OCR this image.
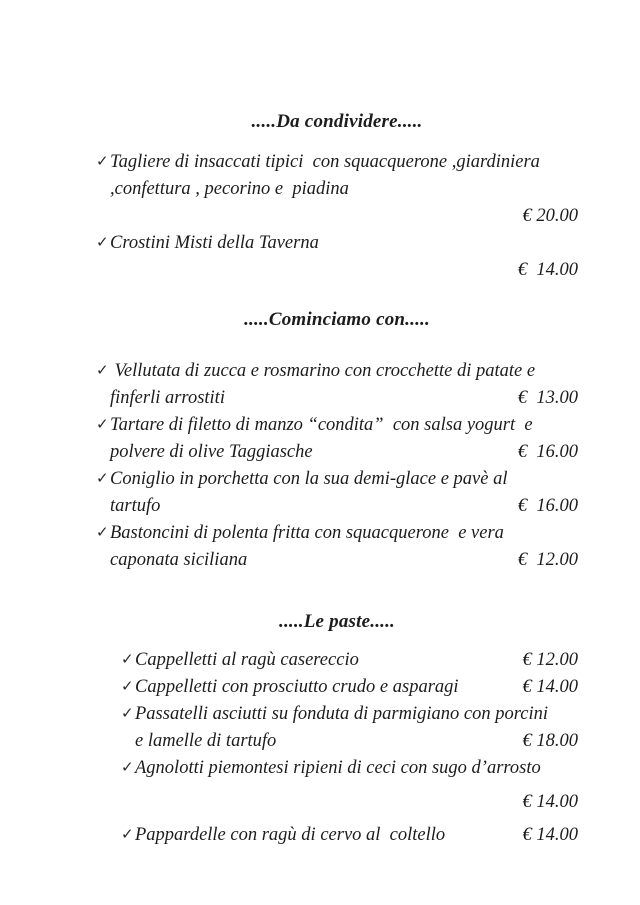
.....Da condividere.....
✓ Tagliere di insaccati tipici  con squacquerone ,giardiniera
,confettura , pecorino e  piadina
€ 20.00
✓ Crostini Misti della Taverna
€  14.00
.....Cominciamo con.....
✓ Vellutata di zucca e rosmarino con crocchette di patate e
finferli arrostiti	€  13.00
✓ Tartare di filetto di manzo “condita”  con salsa yogurt  e
polvere di olive Taggiasche	€  16.00
✓ Coniglio in porchetta con la sua demi-glace e pavè al
tartufo	€  16.00
✓ Bastoncini di polenta fritta con squacquerone  e vera
caponata siciliana	€  12.00
.....Le paste.....
✓ Cappelletti al ragù casereccio	€ 12.00
✓ Cappelletti con prosciutto crudo e asparagi	€ 14.00
✓ Passatelli asciutti su fonduta di parmigiano con porcini
e lamelle di tartufo	€ 18.00
✓ Agnolotti piemontesi ripieni di ceci con sugo d’arrosto
€ 14.00
✓ Pappardelle con ragù di cervo al  coltello	€ 14.00
